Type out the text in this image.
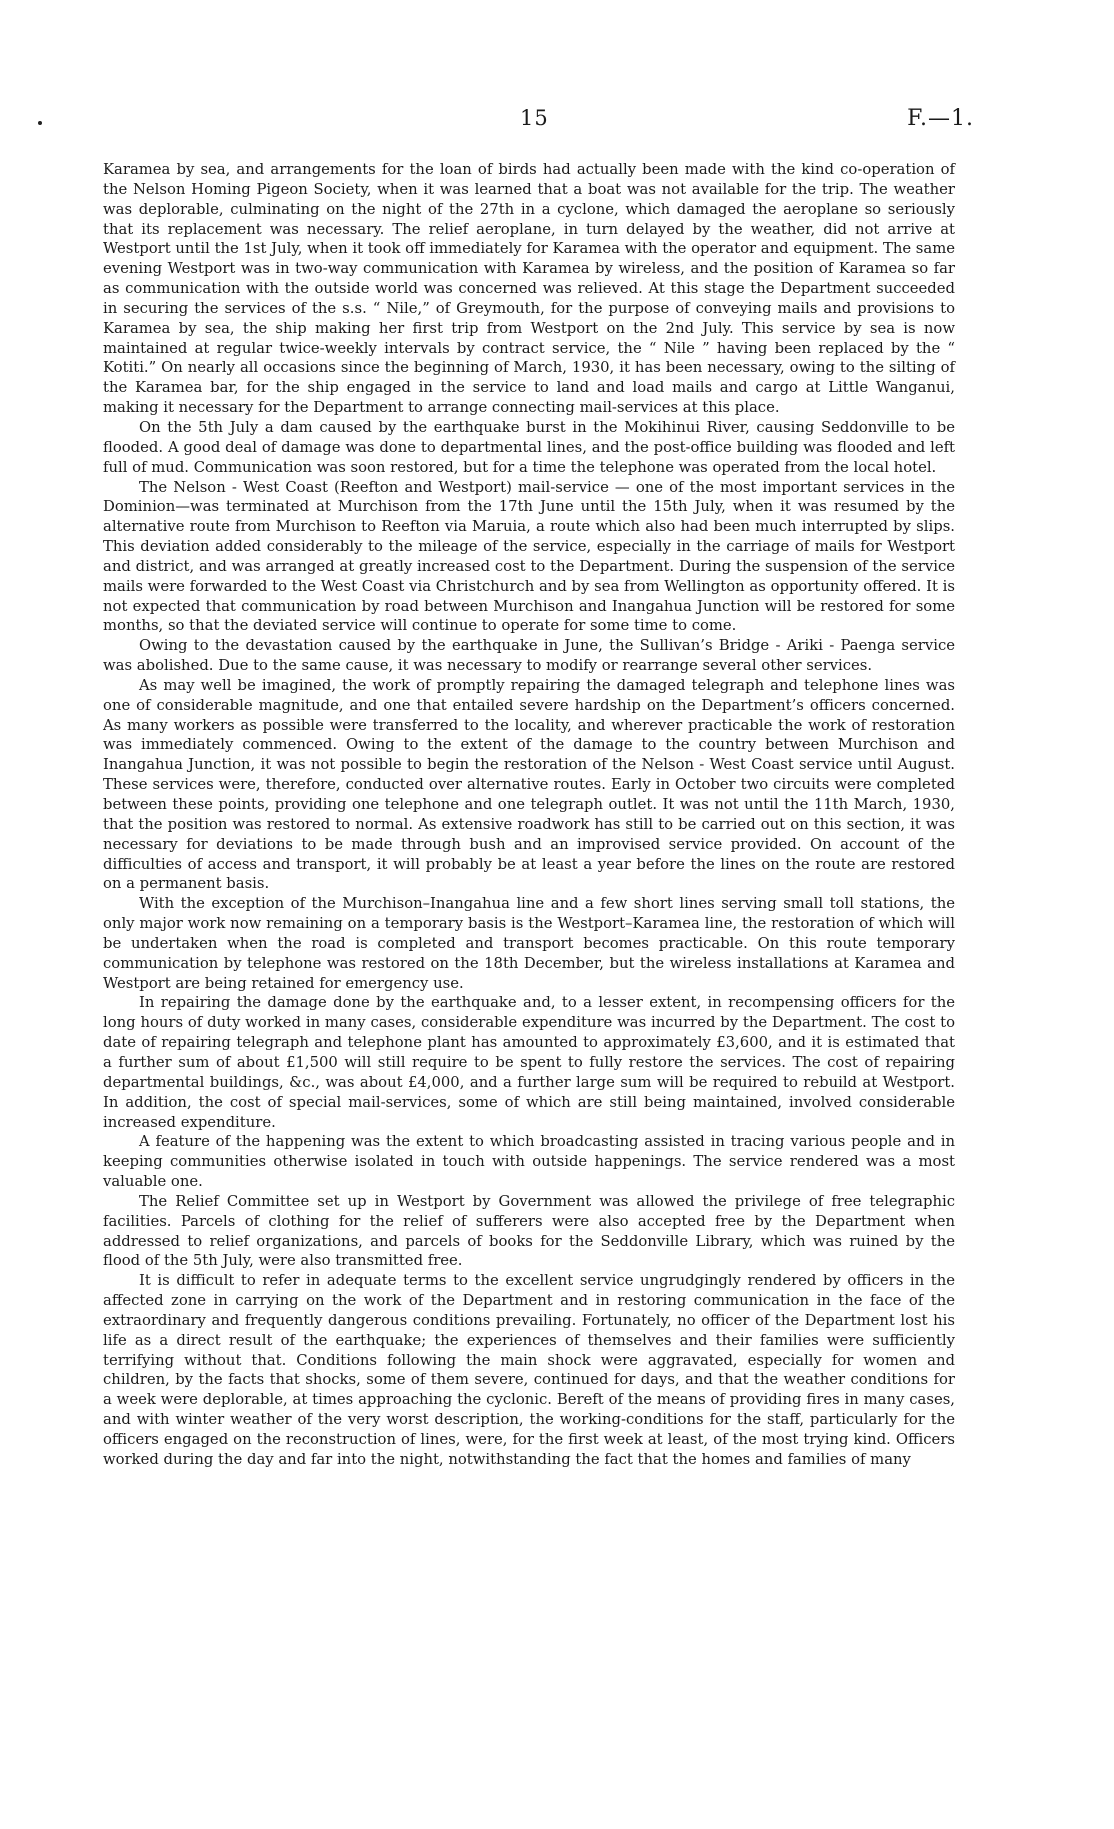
15	F.—1.

Karamea by sea, and arrangements for the loan of birds had actually been made with the kind co-operation of the Nelson Homing Pigeon Society, when it was learned that a boat was not available for the trip. The weather was deplorable, culminating on the night of the 27th in a cyclone, which damaged the aeroplane so seriously that its replacement was necessary. The relief aeroplane, in turn delayed by the weather, did not arrive at Westport until the 1st July, when it took off immediately for Karamea with the operator and equipment. The same evening Westport was in two-way communication with Karamea by wireless, and the position of Karamea so far as communication with the outside world was concerned was relieved. At this stage the Department succeeded in securing the services of the s.s. “ Nile,” of Greymouth, for the purpose of conveying mails and provisions to Karamea by sea, the ship making her first trip from Westport on the 2nd July. This service by sea is now maintained at regular twice-weekly intervals by contract service, the “ Nile ” having been replaced by the “ Kotiti.” On nearly all occasions since the beginning of March, 1930, it has been necessary, owing to the silting of the Karamea bar, for the ship engaged in the service to land and load mails and cargo at Little Wanganui, making it necessary for the Department to arrange connecting mail-services at this place.

On the 5th July a dam caused by the earthquake burst in the Mokihinui River, causing Seddonville to be flooded. A good deal of damage was done to departmental lines, and the post-office building was flooded and left full of mud. Communication was soon restored, but for a time the telephone was operated from the local hotel.

The Nelson - West Coast (Reefton and Westport) mail-service — one of the most important services in the Dominion—was terminated at Murchison from the 17th June until the 15th July, when it was resumed by the alternative route from Murchison to Reefton via Maruia, a route which also had been much interrupted by slips. This deviation added considerably to the mileage of the service, especially in the carriage of mails for Westport and district, and was arranged at greatly increased cost to the Department. During the suspension of the service mails were forwarded to the West Coast via Christchurch and by sea from Wellington as opportunity offered. It is not expected that communication by road between Murchison and Inangahua Junction will be restored for some months, so that the deviated service will continue to operate for some time to come.

Owing to the devastation caused by the earthquake in June, the Sullivan’s Bridge - Ariki - Paenga service was abolished. Due to the same cause, it was necessary to modify or rearrange several other services.

As may well be imagined, the work of promptly repairing the damaged telegraph and telephone lines was one of considerable magnitude, and one that entailed severe hardship on the Department’s officers concerned. As many workers as possible were transferred to the locality, and wherever practicable the work of restoration was immediately commenced. Owing to the extent of the damage to the country between Murchison and Inangahua Junction, it was not possible to begin the restoration of the Nelson - West Coast service until August. These services were, therefore, conducted over alternative routes. Early in October two circuits were completed between these points, providing one telephone and one telegraph outlet. It was not until the 11th March, 1930, that the position was restored to normal. As extensive roadwork has still to be carried out on this section, it was necessary for deviations to be made through bush and an improvised service provided. On account of the difficulties of access and transport, it will probably be at least a year before the lines on the route are restored on a permanent basis.

With the exception of the Murchison–Inangahua line and a few short lines serving small toll stations, the only major work now remaining on a temporary basis is the Westport–Karamea line, the restoration of which will be undertaken when the road is completed and transport becomes practicable. On this route temporary communication by telephone was restored on the 18th December, but the wireless installations at Karamea and Westport are being retained for emergency use.

In repairing the damage done by the earthquake and, to a lesser extent, in recompensing officers for the long hours of duty worked in many cases, considerable expenditure was incurred by the Department. The cost to date of repairing telegraph and telephone plant has amounted to approximately £3,600, and it is estimated that a further sum of about £1,500 will still require to be spent to fully restore the services. The cost of repairing departmental buildings, &c., was about £4,000, and a further large sum will be required to rebuild at Westport. In addition, the cost of special mail-services, some of which are still being maintained, involved considerable increased expenditure.

A feature of the happening was the extent to which broadcasting assisted in tracing various people and in keeping communities otherwise isolated in touch with outside happenings. The service rendered was a most valuable one.

The Relief Committee set up in Westport by Government was allowed the privilege of free telegraphic facilities. Parcels of clothing for the relief of sufferers were also accepted free by the Department when addressed to relief organizations, and parcels of books for the Seddonville Library, which was ruined by the flood of the 5th July, were also transmitted free.

It is difficult to refer in adequate terms to the excellent service ungrudgingly rendered by officers in the affected zone in carrying on the work of the Department and in restoring communication in the face of the extraordinary and frequently dangerous conditions prevailing. Fortunately, no officer of the Department lost his life as a direct result of the earthquake; the experiences of themselves and their families were sufficiently terrifying without that. Conditions following the main shock were aggravated, especially for women and children, by the facts that shocks, some of them severe, continued for days, and that the weather conditions for a week were deplorable, at times approaching the cyclonic. Bereft of the means of providing fires in many cases, and with winter weather of the very worst description, the working-conditions for the staff, particularly for the officers engaged on the reconstruction of lines, were, for the first week at least, of the most trying kind. Officers worked during the day and far into the night, notwithstanding the fact that the homes and families of many
